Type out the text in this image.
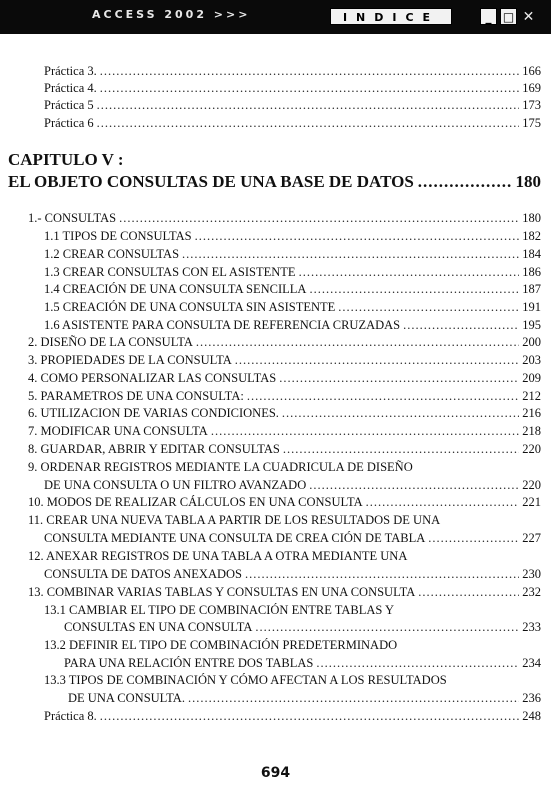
ACCESS 2002 >>>	INDICE	_ □ ✕
Práctica 3. .....	166
Práctica 4. .....	169
Práctica 5 .....	173
Práctica 6 .....	175
CAPITULO V :
EL OBJETO CONSULTAS DE UNA BASE DE DATOS .....	180
1.- CONSULTAS .....	180
1.1 TIPOS DE CONSULTAS .....	182
1.2 CREAR CONSULTAS .....	184
1.3 CREAR CONSULTAS CON EL ASISTENTE .....	186
1.4 CREACIÓN DE UNA CONSULTA SENCILLA .....	187
1.5 CREACIÓN DE UNA CONSULTA SIN ASISTENTE .....	191
1.6 ASISTENTE PARA CONSULTA DE REFERENCIA CRUZADAS .....	195
2. DISEÑO DE LA CONSULTA .....	200
3. PROPIEDADES DE LA CONSULTA .....	203
4. COMO PERSONALIZAR LAS CONSULTAS .....	209
5. PARAMETROS DE UNA CONSULTA: .....	212
6. UTILIZACION DE VARIAS CONDICIONES. .....	216
7. MODIFICAR UNA CONSULTA .....	218
8. GUARDAR, ABRIR Y EDITAR CONSULTAS .....	220
9. ORDENAR REGISTROS MEDIANTE LA CUADRICULA DE DISEÑO
DE UNA CONSULTA O UN FILTRO AVANZADO .....	220
10. MODOS DE REALIZAR CÁLCULOS EN UNA CONSULTA .....	221
11. CREAR UNA NUEVA TABLA A PARTIR DE LOS RESULTADOS DE UNA
CONSULTA MEDIANTE UNA CONSULTA DE CREA CIÓN DE TABLA .....	227
12. ANEXAR REGISTROS DE UNA TABLA A OTRA MEDIANTE UNA
CONSULTA DE DATOS ANEXADOS .....	230
13. COMBINAR VARIAS TABLAS Y CONSULTAS EN UNA CONSULTA .....	232
13.1 CAMBIAR EL TIPO DE COMBINACIÓN ENTRE TABLAS Y
CONSULTAS EN UNA CONSULTA .....	233
13.2 DEFINIR EL TIPO DE COMBINACIÓN PREDETERMINADO
PARA UNA RELACIÓN ENTRE DOS TABLAS .....	234
13.3 TIPOS DE COMBINACIÓN Y CÓMO AFECTAN A LOS RESULTADOS
DE UNA CONSULTA. .....	236
Práctica 8. .....	248
694
